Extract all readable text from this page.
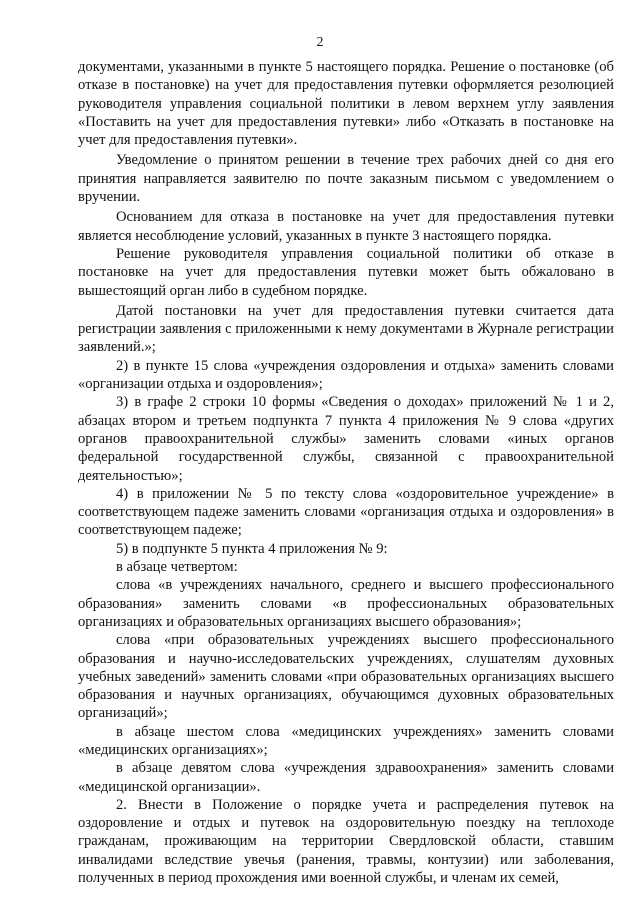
2

документами, указанными в пункте 5 настоящего порядка. Решение о постановке (об отказе в постановке) на учет для предоставления путевки оформляется резолюцией руководителя управления социальной политики в левом верхнем углу заявления «Поставить на учет для предоставления путевки» либо «Отказать в постановке на учет для предоставления путевки».

Уведомление о принятом решении в течение трех рабочих дней со дня его принятия направляется заявителю по почте заказным письмом с уведомлением о вручении.

Основанием для отказа в постановке на учет для предоставления путевки является несоблюдение условий, указанных в пункте 3 настоящего порядка.

Решение руководителя управления социальной политики об отказе в постановке на учет для предоставления путевки может быть обжаловано в вышестоящий орган либо в судебном порядке.

Датой постановки на учет для предоставления путевки считается дата регистрации заявления с приложенными к нему документами в Журнале регистрации заявлений.»;

2) в пункте 15 слова «учреждения оздоровления и отдыха» заменить словами «организации отдыха и оздоровления»;

3) в графе 2 строки 10 формы «Сведения о доходах» приложений № 1 и 2, абзацах втором и третьем подпункта 7 пункта 4 приложения № 9 слова «других органов правоохранительной службы» заменить словами «иных органов федеральной государственной службы, связанной с правоохранительной деятельностью»;

4) в приложении № 5 по тексту слова «оздоровительное учреждение» в соответствующем падеже заменить словами «организация отдыха и оздоровления» в соответствующем падеже;

5) в подпункте 5 пункта 4 приложения № 9:

в абзаце четвертом:

слова «в учреждениях начального, среднего и высшего профессионального образования» заменить словами «в профессиональных образовательных организациях и образовательных организациях высшего образования»;

слова «при образовательных учреждениях высшего профессионального образования и научно-исследовательских учреждениях, слушателям духовных учебных заведений» заменить словами «при образовательных организациях высшего образования и научных организациях, обучающимся духовных образовательных организаций»;

в абзаце шестом слова «медицинских учреждениях» заменить словами «медицинских организациях»;

в абзаце девятом слова «учреждения здравоохранения» заменить словами «медицинской организации».

2. Внести в Положение о порядке учета и распределения путевок на оздоровление и отдых и путевок на оздоровительную поездку на теплоходе гражданам, проживающим на территории Свердловской области, ставшим инвалидами вследствие увечья (ранения, травмы, контузии) или заболевания, полученных в период прохождения ими военной службы, и членам их семей,
